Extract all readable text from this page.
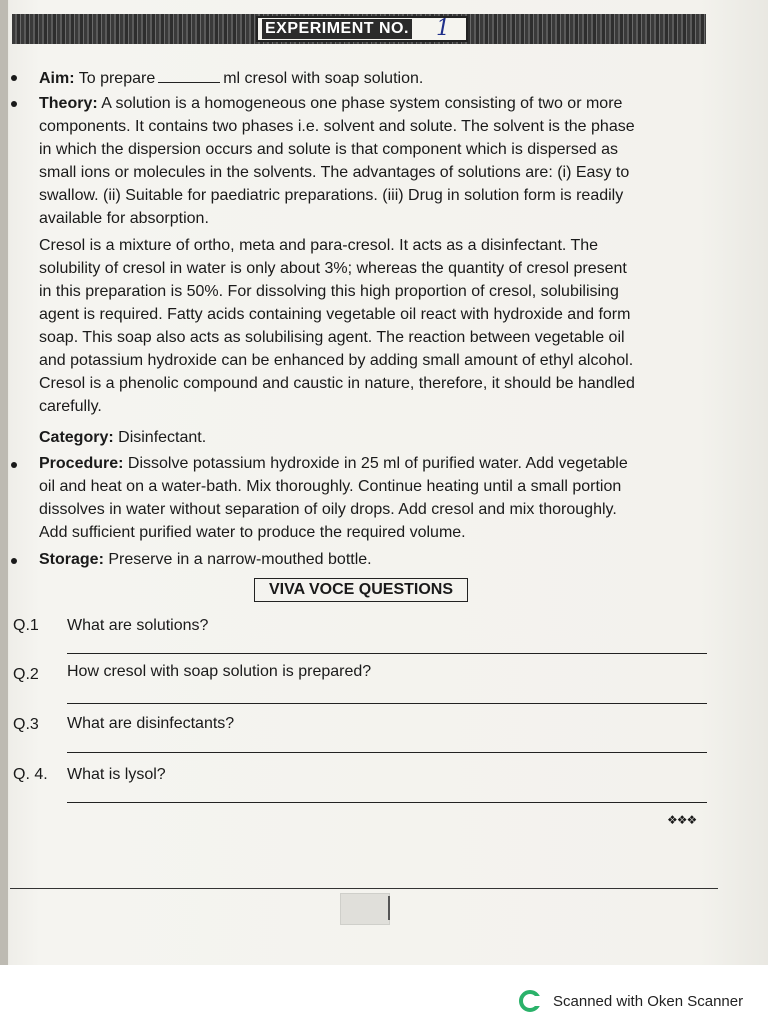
EXPERIMENT NO. 1
Aim: To prepare	ml cresol with soap solution.
Theory: A solution is a homogeneous one phase system consisting of two or more
components. It contains two phases i.e. solvent and solute. The solvent is the phase
in which the dispersion occurs and solute is that component which is dispersed as
small ions or molecules in the solvents. The advantages of solutions are: (i) Easy to
swallow. (ii) Suitable for paediatric preparations. (iii) Drug in solution form is readily
available for absorption.
Cresol is a mixture of ortho, meta and para-cresol. It acts as a disinfectant. The
solubility of cresol in water is only about 3%; whereas the quantity of cresol present
in this preparation is 50%. For dissolving this high proportion of cresol, solubilising
agent is required. Fatty acids containing vegetable oil react with hydroxide and form
soap. This soap also acts as solubilising agent. The reaction between vegetable oil
and potassium hydroxide can be enhanced by adding small amount of ethyl alcohol.
Cresol is a phenolic compound and caustic in nature, therefore, it should be handled
carefully.
Category: Disinfectant.
Procedure: Dissolve potassium hydroxide in 25 ml of purified water. Add vegetable
oil and heat on a water-bath. Mix thoroughly. Continue heating until a small portion
dissolves in water without separation of oily drops. Add cresol and mix thoroughly.
Add sufficient purified water to produce the required volume.
Storage: Preserve in a narrow-mouthed bottle.
VIVA VOCE QUESTIONS
Q.1 What are solutions?
Q.2 How cresol with soap solution is prepared?
Q.3 What are disinfectants?
Q. 4. What is lysol?
❖❖❖
Scanned with Oken Scanner
